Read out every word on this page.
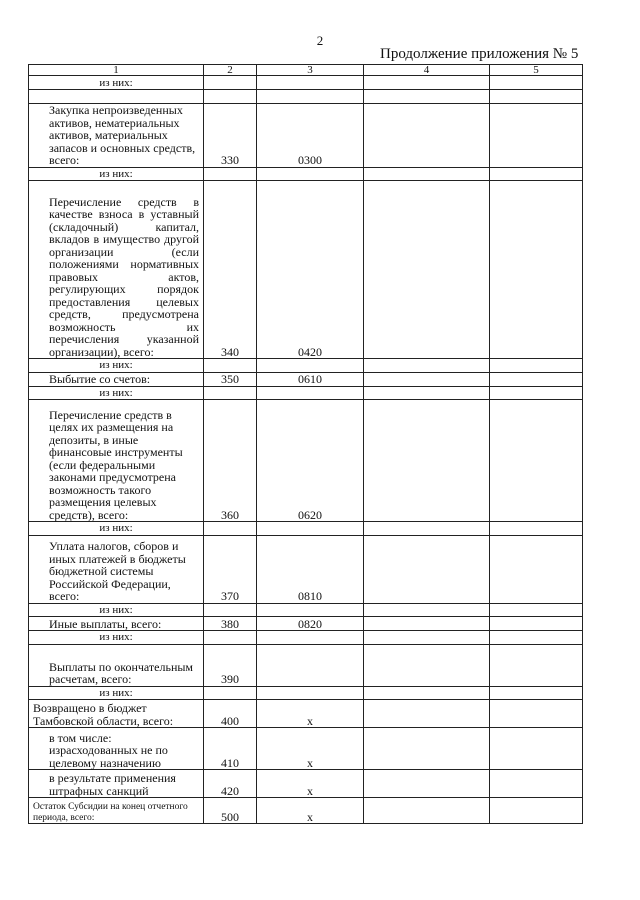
2
Продолжение приложения № 5
1	2	3	4	5
из них:				

Закупка непроизведенных активов, нематериальных активов, материальных запасов и основных средств, всего:	330	0300		
из них:				
Перечисление средств в качестве взноса в уставный (складочный) капитал, вкладов в имущество другой организации (если положениями нормативных правовых актов, регулирующих порядок предоставления целевых средств, предусмотрена возможность их перечисления указанной организации), всего:	340	0420		
из них:				
Выбытие со счетов:	350	0610		
из них:				
Перечисление средств в целях их размещения на депозиты, в иные финансовые инструменты (если федеральными законами предусмотрена возможность такого размещения целевых средств), всего:	360	0620		
из них:				
Уплата налогов, сборов и иных платежей в бюджеты бюджетной системы Российской Федерации, всего:	370	0810		
из них:				
Иные выплаты, всего:	380	0820		
из них:				
Выплаты по окончательным расчетам, всего:	390			
из них:				
Возвращено в бюджет Тамбовской области, всего:	400	х		
в том числе: израсходованных не по целевому назначению	410	х		
в результате применения штрафных санкций	420	х		
Остаток Субсидии на конец отчетного периода, всего:	500	х		
